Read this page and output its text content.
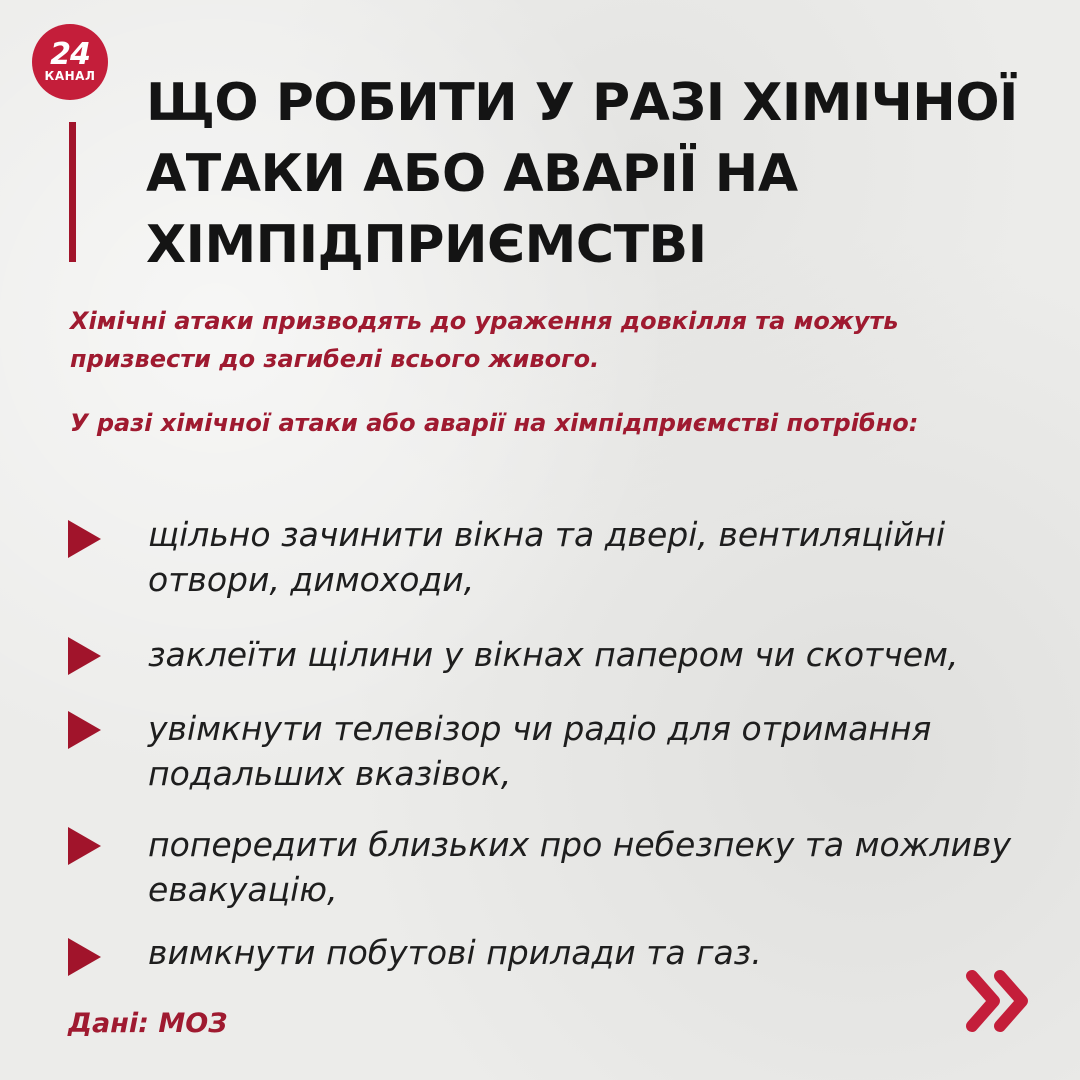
24
КАНАЛ ЩО РОБИТИ У РАЗІ ХІМІЧНОЇ АТАКИ АБО АВАРІЇ НА ХІМПІДПРИЄМСТВІ

Хімічні атаки призводять до ураження довкілля та можуть призвести до загибелі всього живого.

У разі хімічної атаки або аварії на хімпідприємстві потрібно:

щільно зачинити вікна та двері, вентиляційні отвори, димоходи,
заклеїти щілини у вікнах папером чи скотчем,
увімкнути телевізор чи радіо для отримання подальших вказівок,
попередити близьких про небезпеку та можливу евакуацію,
вимкнути побутові прилади та газ.
Дані: МОЗ
